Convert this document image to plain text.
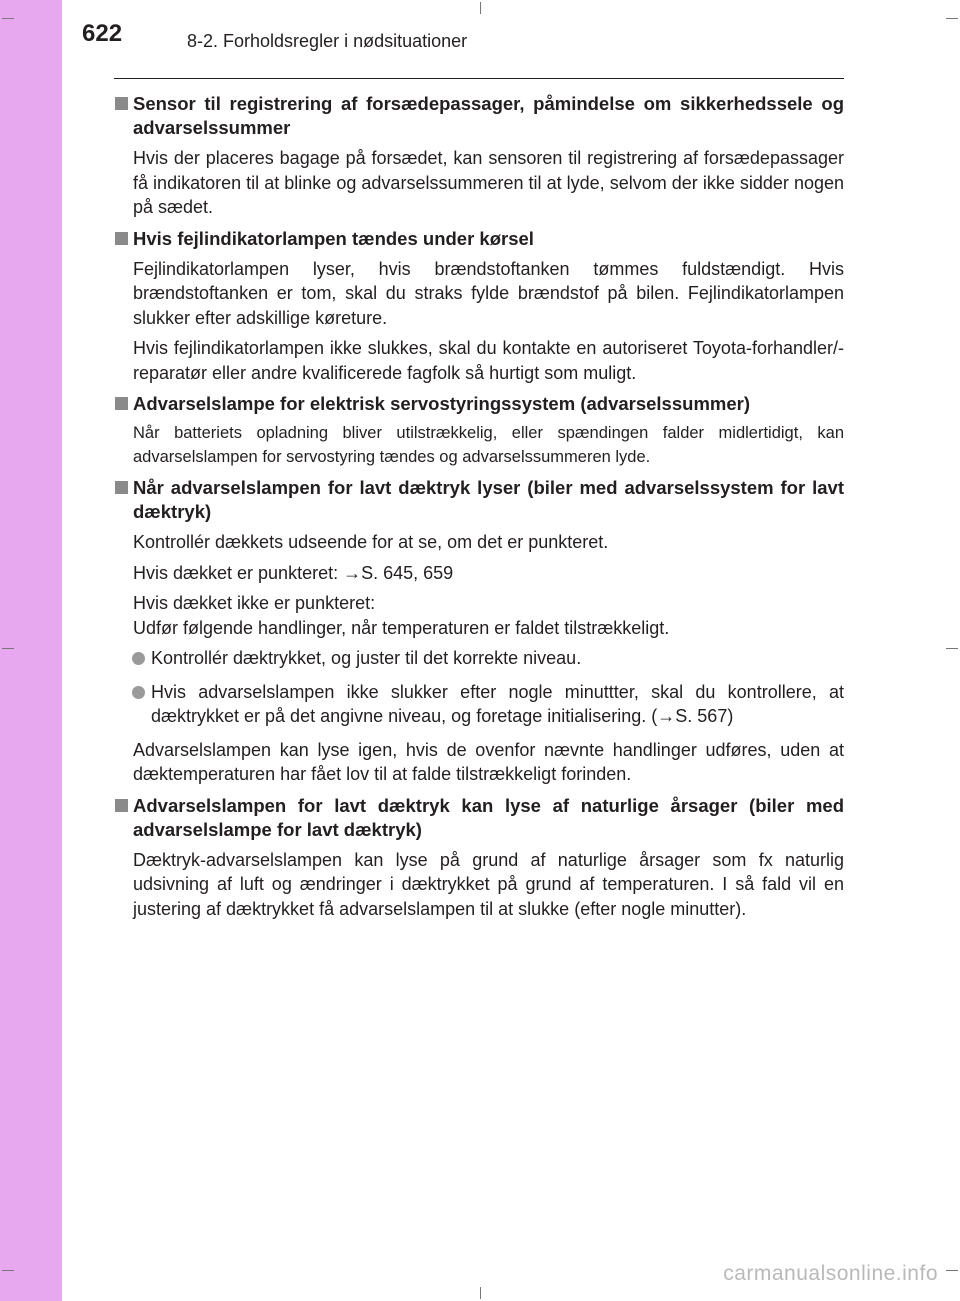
622	8-2. Forholdsregler i nødsituationer
Sensor til registrering af forsædepassager, påmindelse om sikkerhedssele og advarselssummer

Hvis der placeres bagage på forsædet, kan sensoren til registrering af forsædepassager få indikatoren til at blinke og advarselssummeren til at lyde, selvom der ikke sidder nogen på sædet.

Hvis fejlindikatorlampen tændes under kørsel

Fejlindikatorlampen lyser, hvis brændstoftanken tømmes fuldstændigt. Hvis brændstoftanken er tom, skal du straks fylde brændstof på bilen. Fejlindikatorlampen slukker efter adskillige køreture.

Hvis fejlindikatorlampen ikke slukkes, skal du kontakte en autoriseret Toyota-forhandler/-reparatør eller andre kvalificerede fagfolk så hurtigt som muligt.

Advarselslampe for elektrisk servostyringssystem (advarselssummer)

Når batteriets opladning bliver utilstrækkelig, eller spændingen falder midlertidigt, kan advarselslampen for servostyring tændes og advarselssummeren lyde.

Når advarselslampen for lavt dæktryk lyser (biler med advarselssystem for lavt dæktryk)

Kontrollér dækkets udseende for at se, om det er punkteret.

Hvis dækket er punkteret: →S. 645, 659

Hvis dækket ikke er punkteret:
Udfør følgende handlinger, når temperaturen er faldet tilstrækkeligt.

Kontrollér dæktrykket, og juster til det korrekte niveau.
Hvis advarselslampen ikke slukker efter nogle minuttter, skal du kontrollere, at dæktrykket er på det angivne niveau, og foretage initialisering. (→S. 567)

Advarselslampen kan lyse igen, hvis de ovenfor nævnte handlinger udføres, uden at dæktemperaturen har fået lov til at falde tilstrækkeligt forinden.

Advarselslampen for lavt dæktryk kan lyse af naturlige årsager (biler med advarselslampe for lavt dæktryk)

Dæktryk-advarselslampen kan lyse på grund af naturlige årsager som fx naturlig udsivning af luft og ændringer i dæktrykket på grund af temperaturen. I så fald vil en justering af dæktrykket få advarselslampen til at slukke (efter nogle minutter).

carmanualsonline.info
